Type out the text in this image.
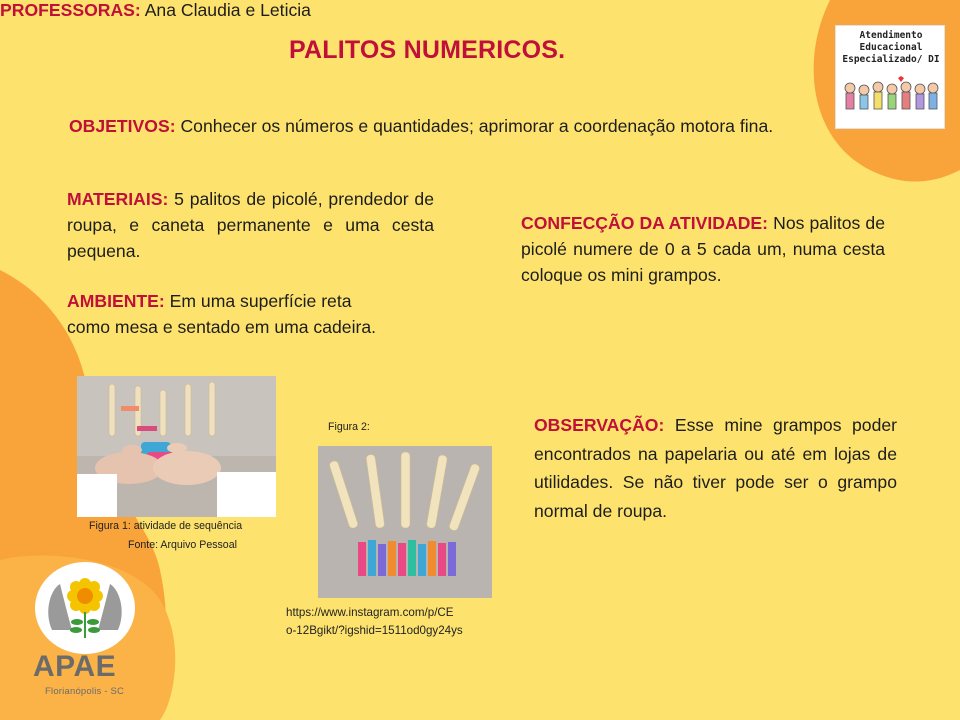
PALITOS NUMERICOS.
Atendimento
Educacional
Especializado/ DI
OBJETIVOS: Conhecer os números e quantidades; aprimorar a coordenação motora fina.
MATERIAIS: 5 palitos de picolé, prendedor de roupa, e caneta permanente e uma cesta pequena.
AMBIENTE: Em uma superfície reta como mesa e sentado em uma cadeira.
CONFECÇÃO DA ATIVIDADE: Nos palitos de picolé numere de 0 a 5 cada um, numa cesta coloque os mini grampos.
OBSERVAÇÃO: Esse mine grampos poder encontrados na papelaria ou até em lojas de utilidades. Se não tiver pode ser o grampo normal de roupa.
Figura 1: atividade de sequência
Fonte: Arquivo Pessoal
Figura 2:
https://www.instagram.com/p/CE
o-12Bgikt/?igshid=1511od0gy24ys
APAE
Florianópolis - SC
PROFESSORAS: Ana Claudia e Leticia
